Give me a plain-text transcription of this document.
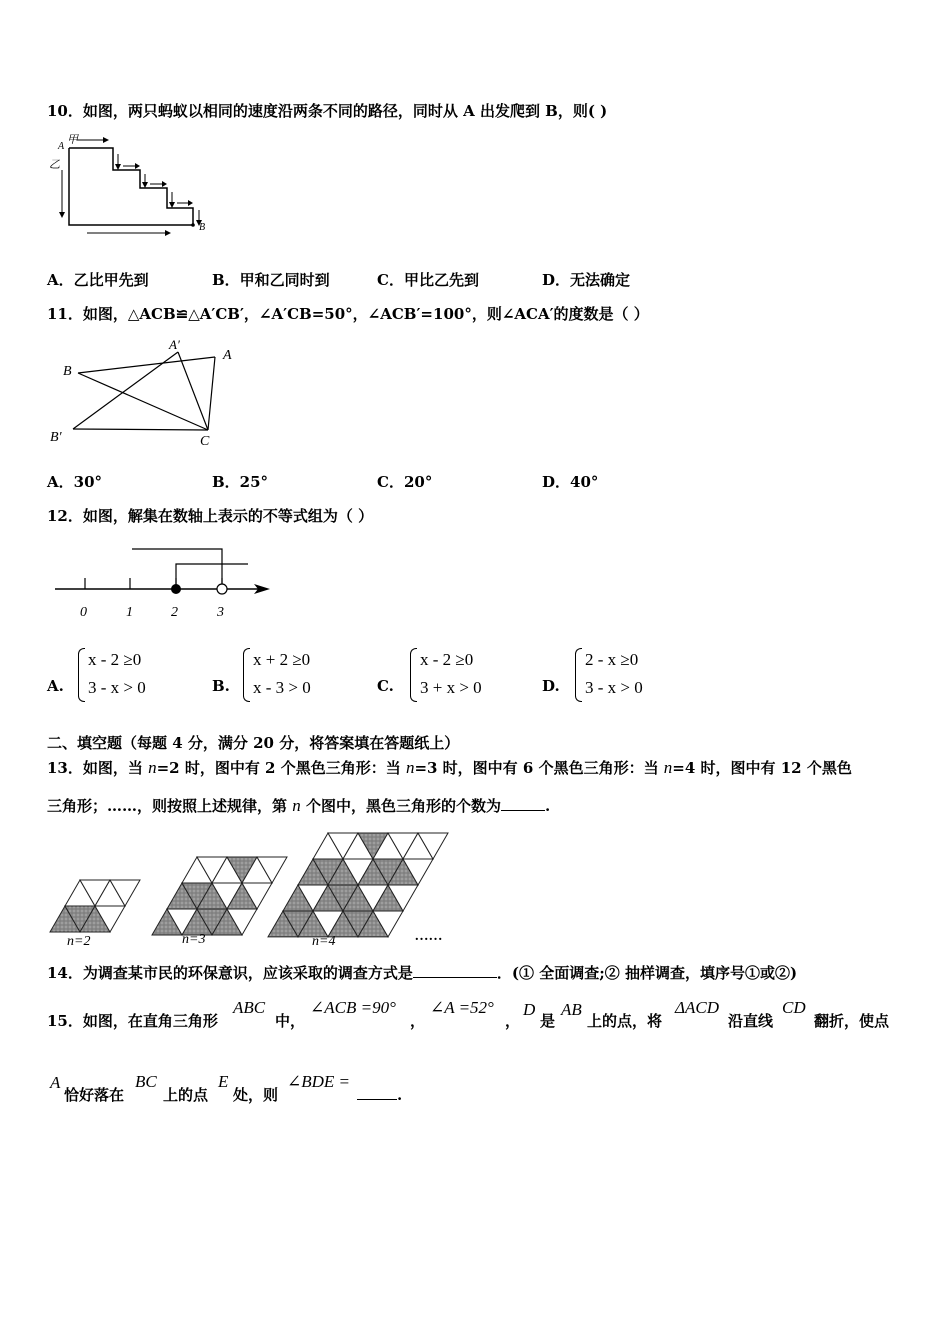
10．如图，两只蚂蚁以相同的速度沿两条不同的路径，同时从 A 出发爬到 B，则( )
甲
A
乙
B
A．乙比甲先到	B．甲和乙同时到	C．甲比乙先到	D．无法确定
11．如图，△ACB≌△A′CB′，∠A′CB=50°，∠ACB′=100°，则∠ACA′的度数是（ ）
B
A′
A
B′	C
A．30°	B．25°	C．20°	D．40°
12．如图，解集在数轴上表示的不等式组为（ ）
0	1	2	3
A.
x - 2 ≥0
3 - x > 0	B.
x + 2 ≥0
x - 3 > 0	C.
x - 2 ≥0
3 + x > 0	D.
2 - x ≥0
3 - x > 0
二、填空题（每题 4 分，满分 20 分，将答案填在答题纸上）
13．如图，当 n=2 时，图中有 2 个黑色三角形：当 n=3 时，图中有 6 个黑色三角形：当 n=4 时，图中有 12 个黑色
三角形；……，则按照上述规律，第 n 个图中，黑色三角形的个数为	.
n=2	n=3	n=4	……
14．为调查某市民的环保意识，应该采取的调查方式是	．(① 全面调查;② 抽样调查，填序号①或②)
15．如图，在直角三角形
ABC
中，
∠ACB =90°
，
∠A =52°
，
D
是
AB
上的点，将
ΔACD
沿直线
CD
翻折，使点
A
恰好落在
BC
上的点
E
处，则
∠BDE =
.
